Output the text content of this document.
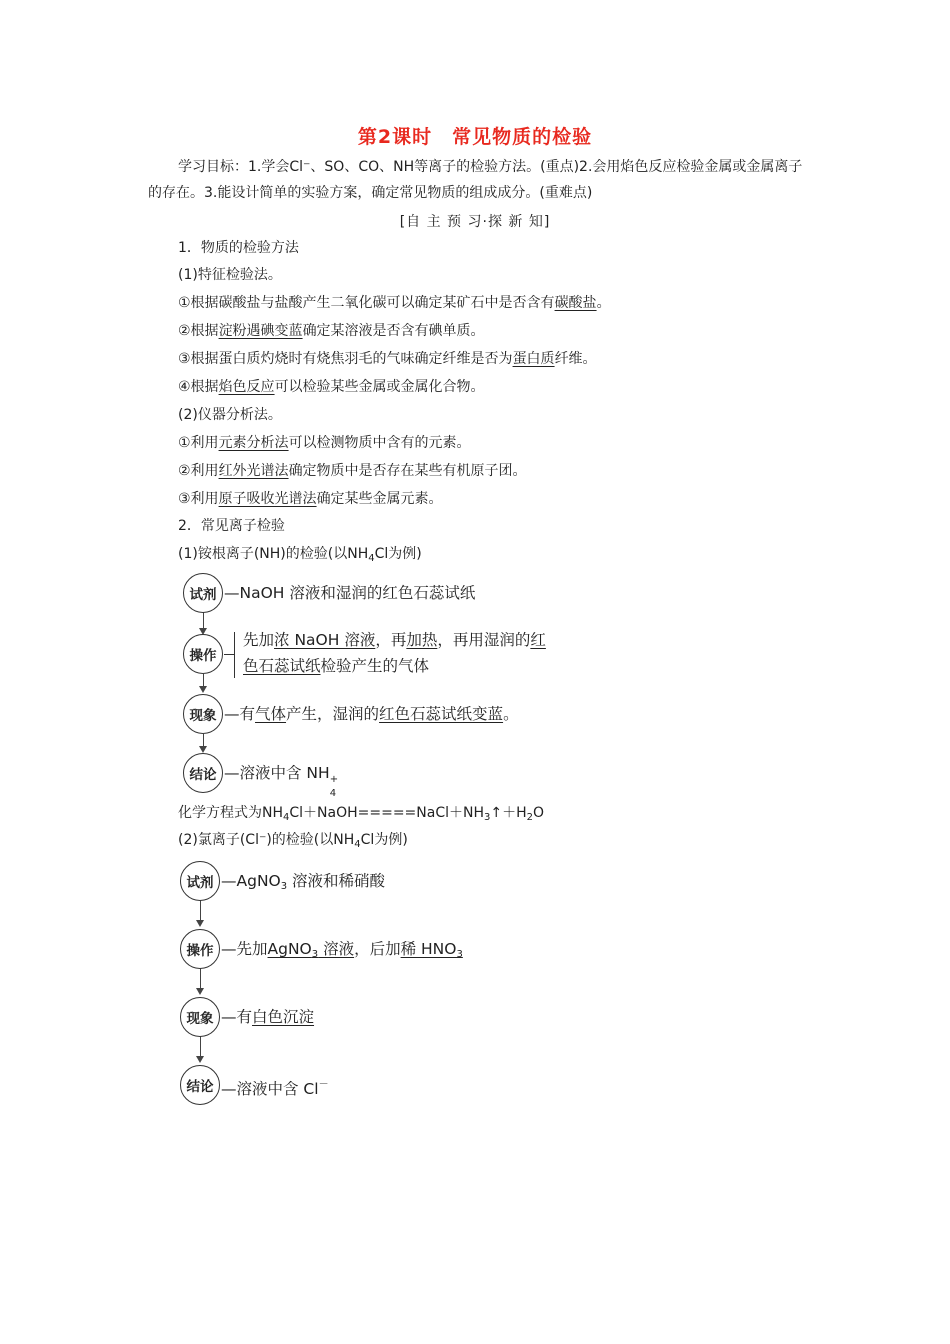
第2课时　常见物质的检验
学习目标：1.学会Cl⁻、SO、CO、NH等离子的检验方法。(重点)2.会用焰色反应检验金属或金属离子的存在。3.能设计简单的实验方案，确定常见物质的组成成分。(重难点)
[自 主 预 习·探 新 知]
1．物质的检验方法
(1)特征检验法。
①根据碳酸盐与盐酸产生二氧化碳可以确定某矿石中是否含有碳酸盐。
②根据淀粉遇碘变蓝确定某溶液是否含有碘单质。
③根据蛋白质灼烧时有烧焦羽毛的气味确定纤维是否为蛋白质纤维。
④根据焰色反应可以检验某些金属或金属化合物。
(2)仪器分析法。
①利用元素分析法可以检测物质中含有的元素。
②利用红外光谱法确定物质中是否存在某些有机原子团。
③利用原子吸收光谱法确定某些金属元素。
2．常见离子检验
(1)铵根离子(NH)的检验(以$NH_4Cl$为例)
试剂
操作
现象
结论
—NaOH 溶液和湿润的红色石蕊试纸
先加浓 NaOH 溶液，再加热，再用湿润的红
色石蕊试纸检验产生的气体
—有气体产生，湿润的红色石蕊试纸变蓝。
—溶液中含 NH +
4
化学方程式为$NH_4Cl+NaOH=====NaCl+NH_3↑+H_2O$
(2)氯离子(Cl⁻)的检验(以$NH_4Cl$为例)
试剂
操作
现象
结论
—AgNO$_3$ 溶液和稀硝酸
—先加AgNO$_3$ 溶液，后加稀 $HNO_3$
—有白色沉淀
—溶液中含 Cl－
